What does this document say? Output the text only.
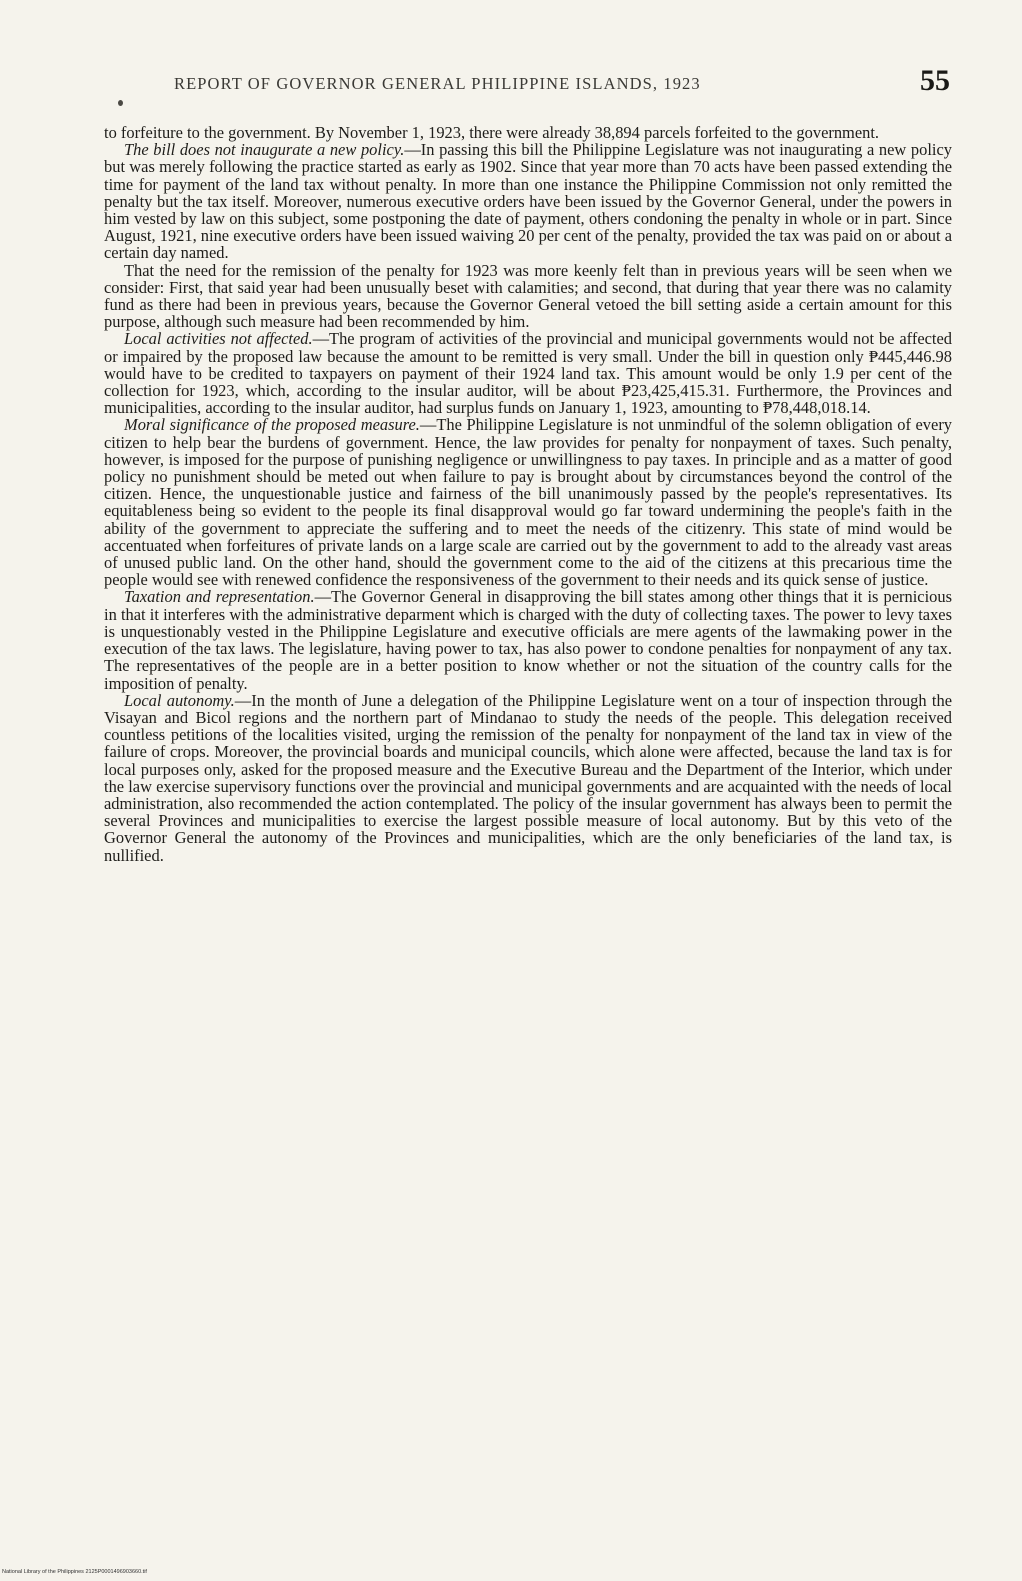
REPORT OF GOVERNOR GENERAL PHILIPPINE ISLANDS, 1923	55

to forfeiture to the government. By November 1, 1923, there were already 38,894 parcels forfeited to the government.

The bill does not inaugurate a new policy.—In passing this bill the Philippine Legislature was not inaugurating a new policy but was merely following the practice started as early as 1902. Since that year more than 70 acts have been passed extending the time for payment of the land tax without penalty. In more than one instance the Philippine Commission not only remitted the penalty but the tax itself. Moreover, numerous executive orders have been issued by the Governor General, under the powers in him vested by law on this subject, some postponing the date of payment, others condoning the penalty in whole or in part. Since August, 1921, nine executive orders have been issued waiving 20 per cent of the penalty, provided the tax was paid on or about a certain day named.

That the need for the remission of the penalty for 1923 was more keenly felt than in previous years will be seen when we consider: First, that said year had been unusually beset with calamities; and second, that during that year there was no calamity fund as there had been in previous years, because the Governor General vetoed the bill setting aside a certain amount for this purpose, although such measure had been recommended by him.

Local activities not affected.—The program of activities of the provincial and municipal governments would not be affected or impaired by the proposed law because the amount to be remitted is very small. Under the bill in question only ₱445,446.98 would have to be credited to taxpayers on payment of their 1924 land tax. This amount would be only 1.9 per cent of the collection for 1923, which, according to the insular auditor, will be about ₱23,425,415.31. Furthermore, the Provinces and municipalities, according to the insular auditor, had surplus funds on January 1, 1923, amounting to ₱78,448,018.14.

Moral significance of the proposed measure.—The Philippine Legislature is not unmindful of the solemn obligation of every citizen to help bear the burdens of government. Hence, the law provides for penalty for nonpayment of taxes. Such penalty, however, is imposed for the purpose of punishing negligence or unwillingness to pay taxes. In principle and as a matter of good policy no punishment should be meted out when failure to pay is brought about by circumstances beyond the control of the citizen. Hence, the unquestionable justice and fairness of the bill unanimously passed by the people's representatives. Its equitableness being so evident to the people its final disapproval would go far toward undermining the people's faith in the ability of the government to appreciate the suffering and to meet the needs of the citizenry. This state of mind would be accentuated when forfeitures of private lands on a large scale are carried out by the government to add to the already vast areas of unused public land. On the other hand, should the government come to the aid of the citizens at this precarious time the people would see with renewed confidence the responsiveness of the government to their needs and its quick sense of justice.

Taxation and representation.—The Governor General in disapproving the bill states among other things that it is pernicious in that it interferes with the administrative deparment which is charged with the duty of collecting taxes. The power to levy taxes is unquestionably vested in the Philippine Legislature and executive officials are mere agents of the lawmaking power in the execution of the tax laws. The legislature, having power to tax, has also power to condone penalties for nonpayment of any tax. The representatives of the people are in a better position to know whether or not the situation of the country calls for the imposition of penalty.

Local autonomy.—In the month of June a delegation of the Philippine Legislature went on a tour of inspection through the Visayan and Bicol regions and the northern part of Mindanao to study the needs of the people. This delegation received countless petitions of the localities visited, urging the remission of the penalty for nonpayment of the land tax in view of the failure of crops. Moreover, the provincial boards and municipal councils, which alone were affected, because the land tax is for local purposes only, asked for the proposed measure and the Executive Bureau and the Department of the Interior, which under the law exercise supervisory functions over the provincial and municipal governments and are acquainted with the needs of local administration, also recommended the action contemplated. The policy of the insular government has always been to permit the several Provinces and municipalities to exercise the largest possible measure of local autonomy. But by this veto of the Governor General the autonomy of the Provinces and municipalities, which are the only beneficiaries of the land tax, is nullified.

National Library of the Philippines 2125P0001496903660.tif
